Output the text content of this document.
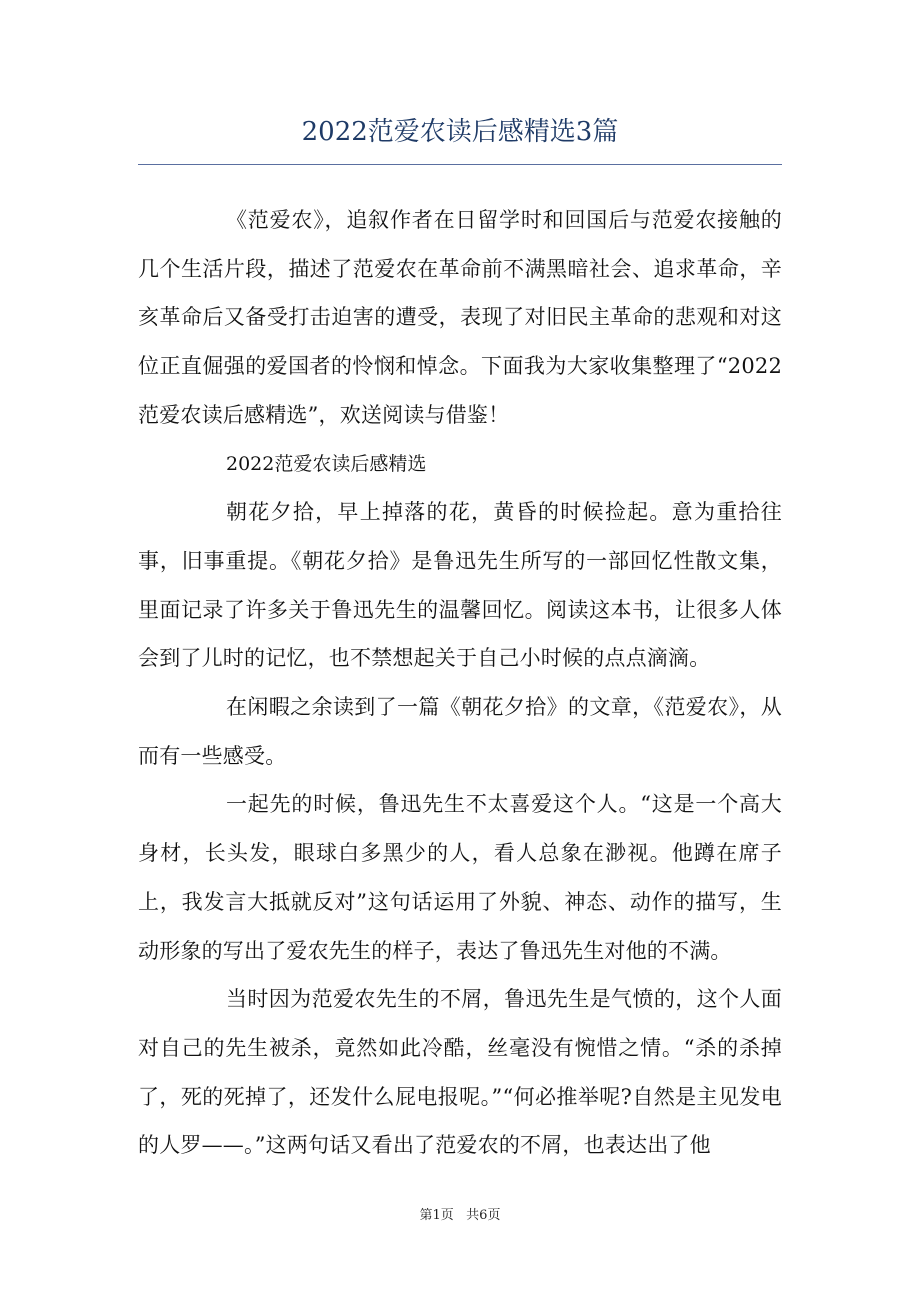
2022范爱农读后感精选3篇

《范爱农》，追叙作者在日留学时和回国后与范爱农接触的几个生活片段，描述了范爱农在革命前不满黑暗社会、追求革命，辛亥革命后又备受打击迫害的遭受，表现了对旧民主革命的悲观和对这位正直倔强的爱国者的怜悯和悼念。下面我为大家收集整理了“2022范爱农读后感精选”，欢送阅读与借鉴！

2022范爱农读后感精选

朝花夕拾，早上掉落的花，黄昏的时候捡起。意为重拾往事，旧事重提。《朝花夕拾》是鲁迅先生所写的一部回忆性散文集，里面记录了许多关于鲁迅先生的温馨回忆。阅读这本书，让很多人体会到了儿时的记忆，也不禁想起关于自己小时候的点点滴滴。

在闲暇之余读到了一篇《朝花夕拾》的文章，《范爱农》，从而有一些感受。

一起先的时候，鲁迅先生不太喜爱这个人。“这是一个高大身材，长头发，眼球白多黑少的人，看人总象在渺视。他蹲在席子上，我发言大抵就反对”这句话运用了外貌、神态、动作的描写，生动形象的写出了爱农先生的样子，表达了鲁迅先生对他的不满。

当时因为范爱农先生的不屑，鲁迅先生是气愤的，这个人面对自己的先生被杀，竟然如此冷酷，丝毫没有惋惜之情。“杀的杀掉了，死的死掉了，还发什么屁电报呢。”“何必推举呢?自然是主见发电的人罗——。”这两句话又看出了范爱农的不屑，也表达出了他

第1页   共6页
